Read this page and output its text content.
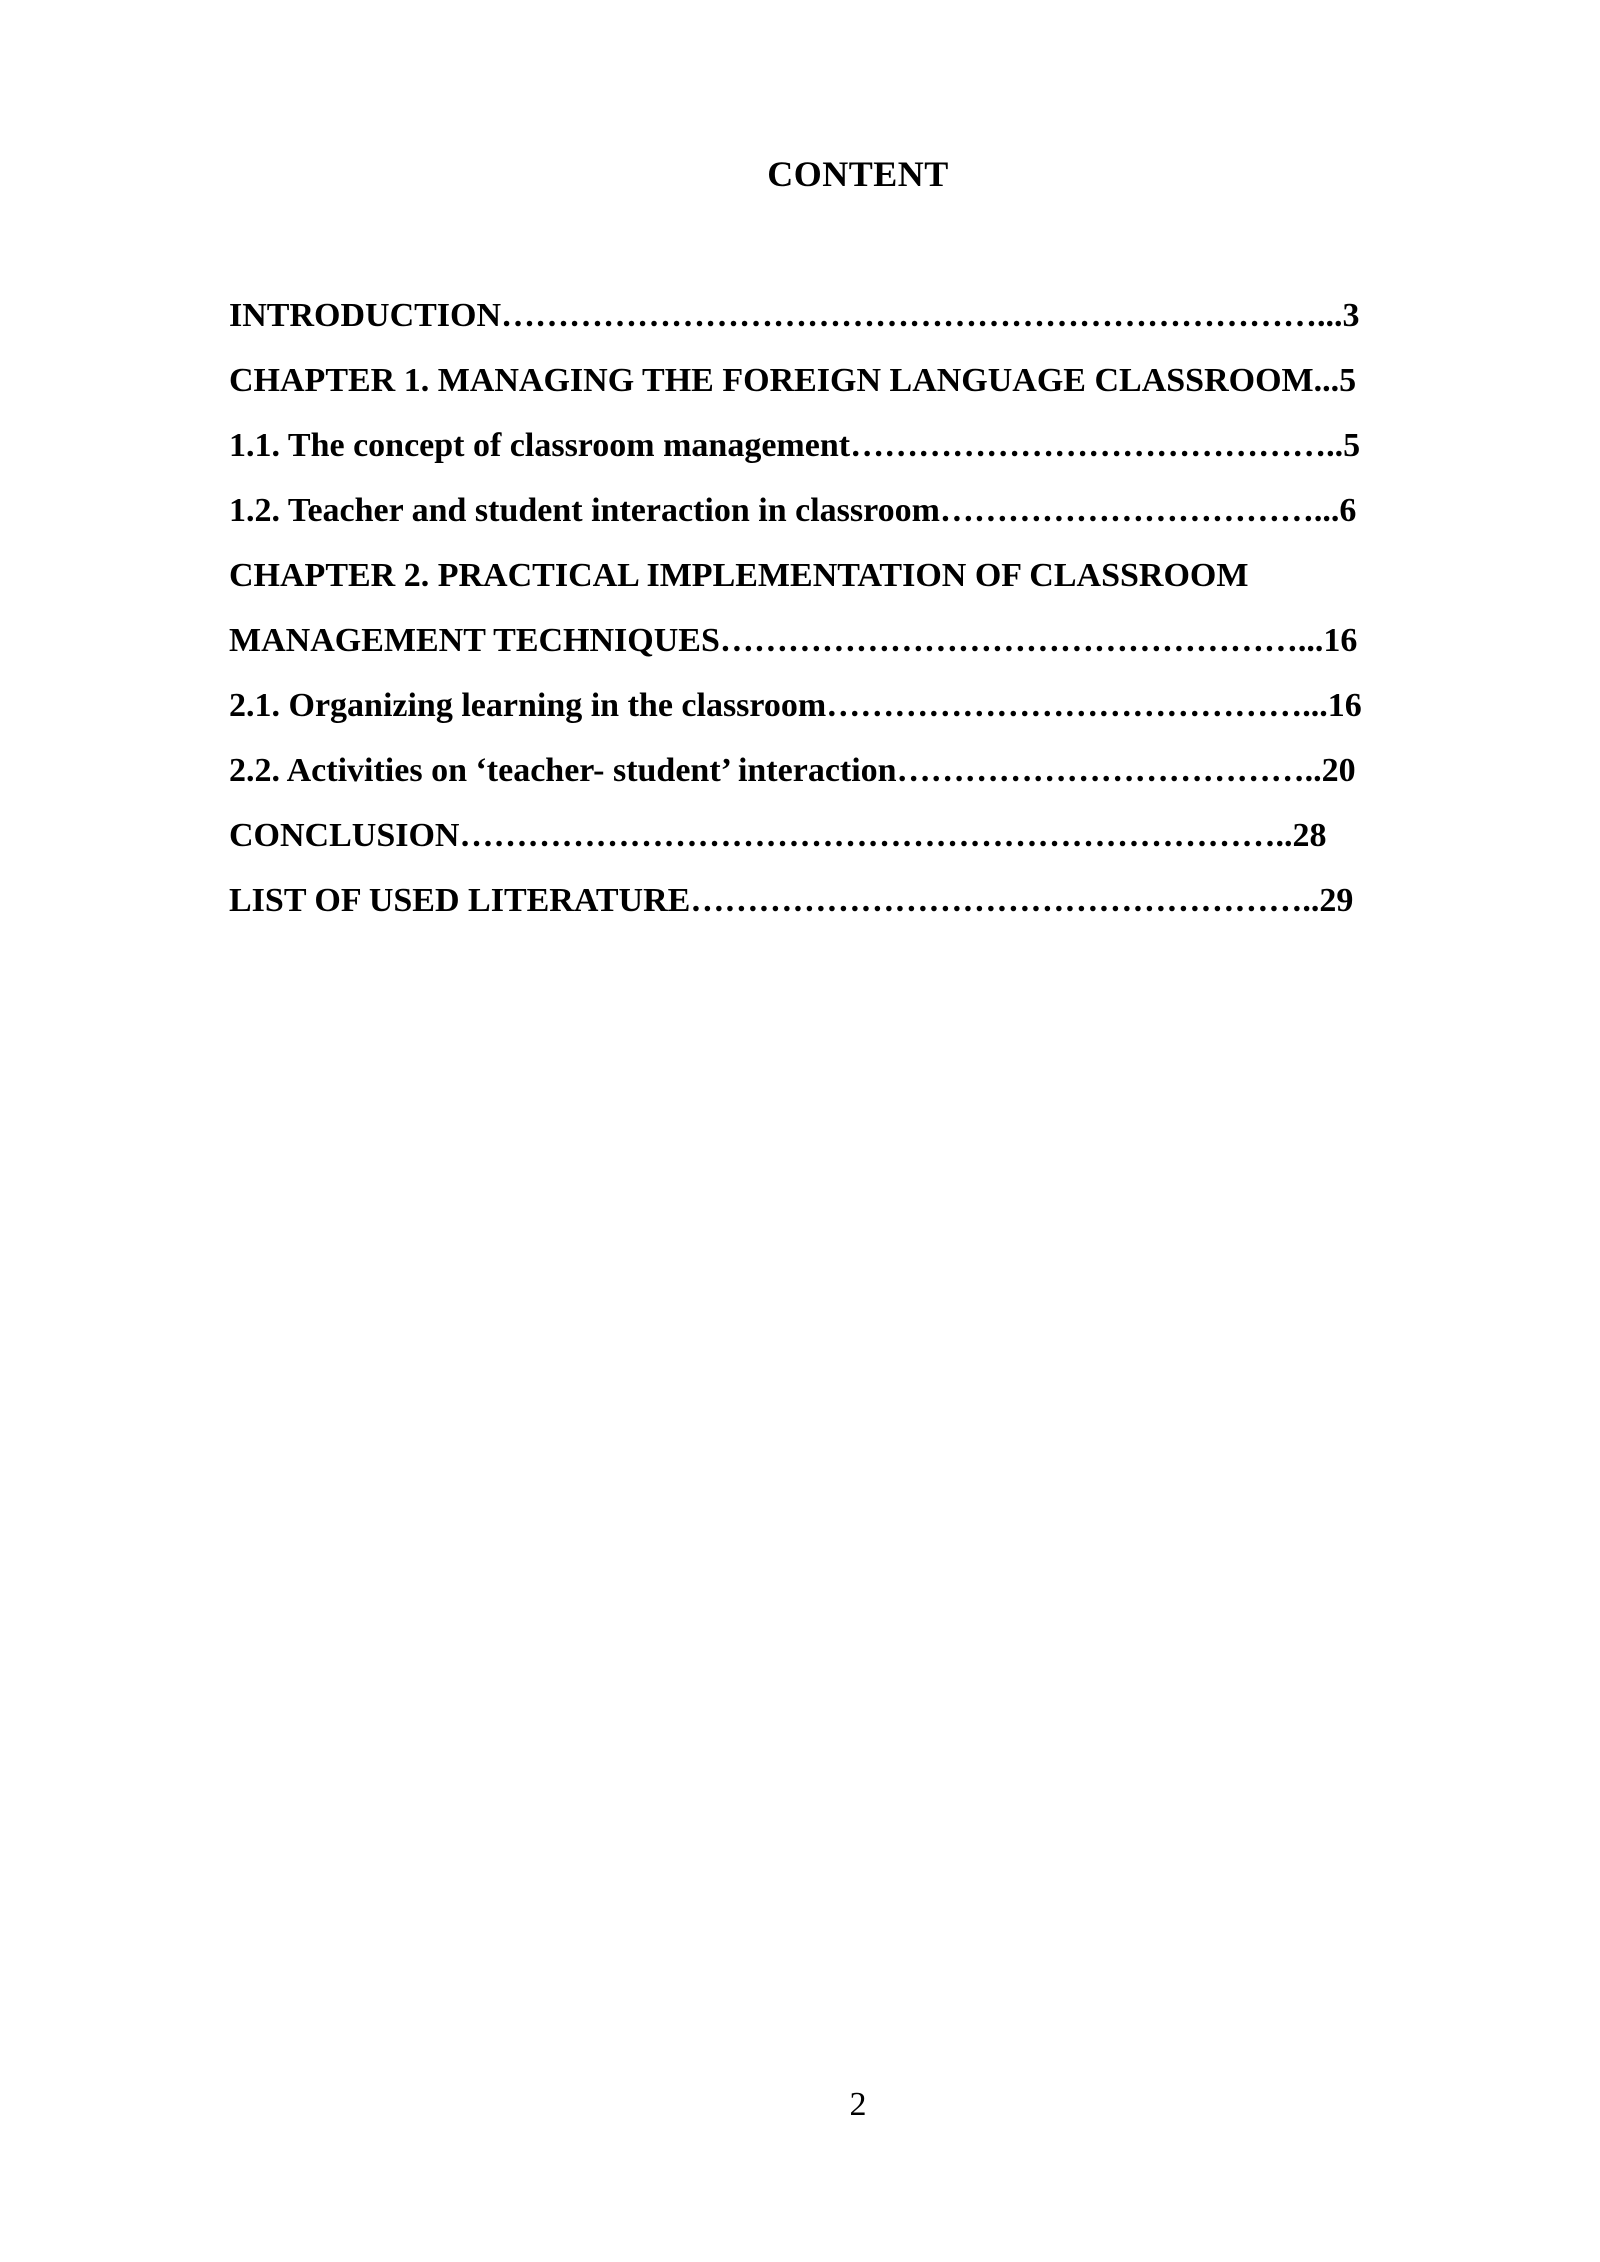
CONTENT
INTRODUCTION………………………………………………………………...3
CHAPTER 1. MANAGING THE FOREIGN LANGUAGE CLASSROOM...5
1.1. The concept of classroom management……………………………………..5
1.2. Teacher and student interaction in classroom……………………………...6
CHAPTER 2. PRACTICAL IMPLEMENTATION OF CLASSROOM
MANAGEMENT TECHNIQUES……………………………………………...16
2.1. Organizing learning in the classroom……………………………………...16
2.2. Activities on ‘teacher- student’ interaction………………………………..20
CONCLUSION………………………………………………………………..28
LIST OF USED LITERATURE………………………………………………..29
2
